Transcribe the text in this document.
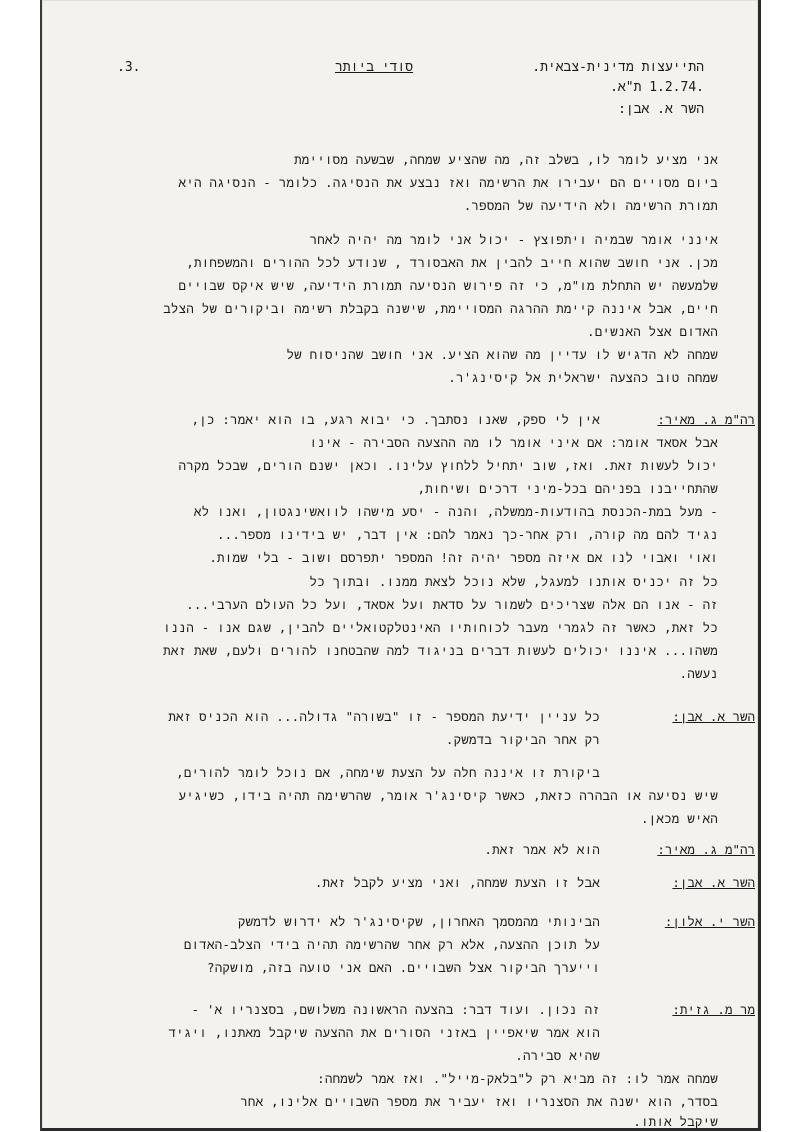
התייעצות מדינית-צבאית.
.1.2.74 ת"א.
סודי ביותר
.3.
השר א. אבן:
אני מציע לומר לו, בשלב זה, מה שהציע שמחה, שבשעה מסויימת
ביום מסויים הם יעבירו את הרשימה ואז נבצע את הנסיגה. כלומר - הנסיגה היא
תמורת הרשימה ולא הידיעה של המספר.
אינני אומר שבמיה ויתפוצץ - יכול אני לומר מה יהיה לאחר
מכן. אני חושב שהוא חייב להבין את האבסורד , שנודע לכל ההורים והמשפחות,
שלמעשה יש התחלת מו"מ, כי זה פירוש הנסיעה תמורת הידיעה, שיש איקס שבויים
חיים, אבל איננה קיימת ההרגה המסויימת, שישנה בקבלת רשימה וביקורים של הצלב
האדום אצל האנשים.
שמחה לא הדגיש לו עדיין מה שהוא הציע. אני חושב שהניסוח של
שמחה טוב כהצעה ישראלית אל קיסינג'ר.
רה"מ ג. מאיר:
אין לי ספק, שאנו נסתבך. כי יבוא רגע, בו הוא יאמר: כן,
אבל אסאד אומר: אם איני אומר לו מה ההצעה הסבירה - אינו
יכול לעשות זאת. ואז, שוב יתחיל ללחוץ עלינו. וכאן ישנם הורים, שבכל מקרה
שהתחייבנו בפניהם בכל-מיני דרכים ושיחות,
- מעל במת-הכנסת בהודעות-ממשלה, והנה - יסע מישהו לוואשינגטון, ואנו לא
נגיד להם מה קורה, ורק אחר-כך נאמר להם: אין דבר, יש בידינו מספר...
ואוי ואבוי לנו אם איזה מספר יהיה זה! המספר יתפרסם ושוב - בלי שמות.
כל זה יכניס אותנו למעגל, שלא נוכל לצאת ממנו. ובתוך כל
זה - אנו הם אלה שצריכים לשמור על סדאת ועל אסאד, ועל כל העולם הערבי...
כל זאת, כאשר זה לגמרי מעבר לכוחותיו האינטלקטואליים להבין, שגם אנו - הננו
משהו... איננו יכולים לעשות דברים בניגוד למה שהבטחנו להורים ולעם, שאת זאת
נעשה.
השר א. אבן:
כל עניין ידיעת המספר - זו "בשורה" גדולה... הוא הכניס זאת
רק אחר הביקור בדמשק.
ביקורת זו איננה חלה על הצעת שימחה, אם נוכל לומר להורים,
שיש נסיעה או הבהרה כזאת, כאשר קיסינג'ר אומר, שהרשימה תהיה בידו, כשיגיע
האיש מכאן.
רה"מ ג. מאיר:
הוא לא אמר זאת.
השר א. אבן:
אבל זו הצעת שמחה, ואני מציע לקבל זאת.
השר י. אלון:
הבינותי מהמסמך האחרון, שקיסינג'ר לא ידרוש לדמשק
על תוכן ההצעה, אלא רק אחר שהרשימה תהיה בידי הצלב-האדום
וייערך הביקור אצל השבויים. האם אני טועה בזה, מושקה?
מר מ. גזית:
זה נכון. ועוד דבר: בהצעה הראשונה משלושם, בסצנריו א' -
הוא אמר שיאפיין באזני הסורים את ההצעה שיקבל מאתנו, ויגיד
שהיא סבירה.
שמחה אמר לו: זה מביא רק ל"בלאק-מייל". ואז אמר לשמחה:
בסדר, הוא ישנה את הסצנריו ואז יעביר את מספר השבויים אלינו, אחר
שיקבל אותו.
